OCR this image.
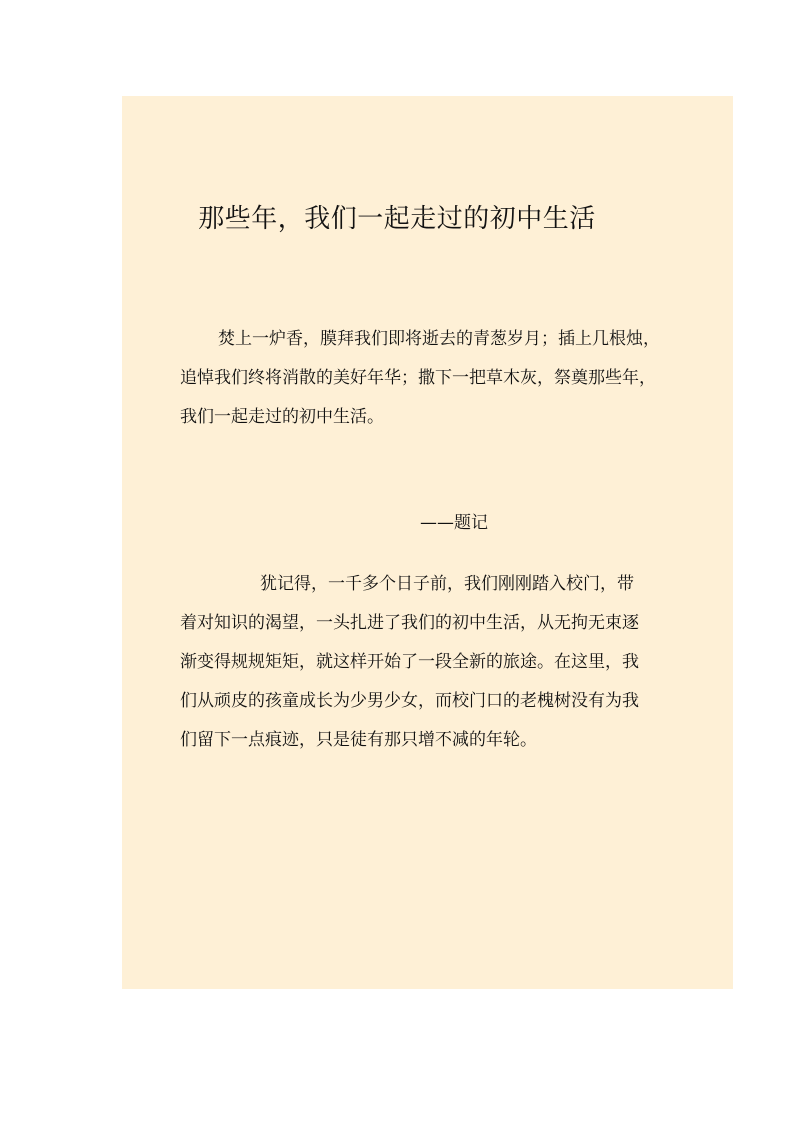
那些年，我们一起走过的初中生活
焚上一炉香，膜拜我们即将逝去的青葱岁月；插上几根烛，
追悼我们终将消散的美好年华；撒下一把草木灰，祭奠那些年，
我们一起走过的初中生活。
——题记
犹记得，一千多个日子前，我们刚刚踏入校门，带
着对知识的渴望，一头扎进了我们的初中生活，从无拘无束逐
渐变得规规矩矩，就这样开始了一段全新的旅途。在这里，我
们从顽皮的孩童成长为少男少女，而校门口的老槐树没有为我
们留下一点痕迹，只是徒有那只增不减的年轮。
